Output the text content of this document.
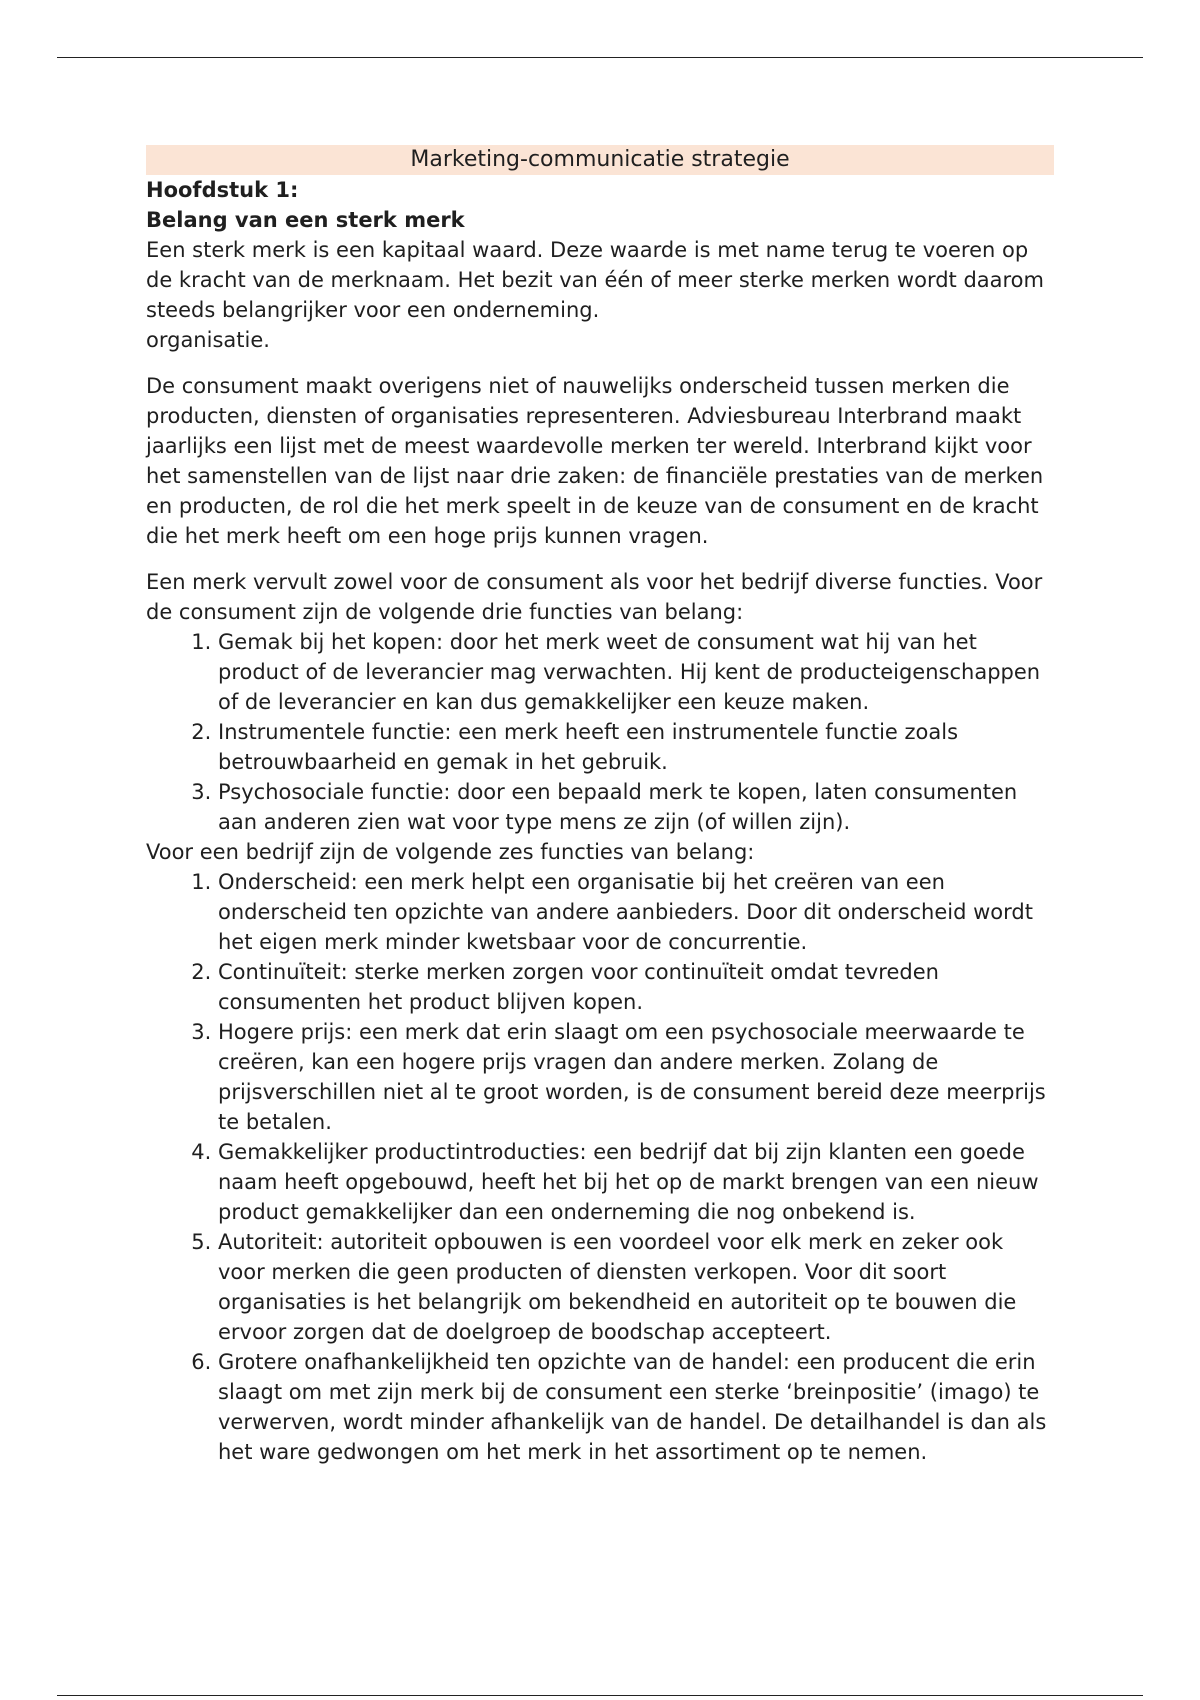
Marketing-communicatie strategie
Hoofdstuk 1:
Belang van een sterk merk

Een sterk merk is een kapitaal waard. Deze waarde is met name terug te voeren op de kracht van de merknaam. Het bezit van één of meer sterke merken wordt daarom steeds belangrijker voor een onderneming.

organisatie.

De consument maakt overigens niet of nauwelijks onderscheid tussen merken die producten, diensten of organisaties representeren. Adviesbureau Interbrand maakt jaarlijks een lijst met de meest waardevolle merken ter wereld. Interbrand kijkt voor het samenstellen van de lijst naar drie zaken: de financiële prestaties van de merken en producten, de rol die het merk speelt in de keuze van de consument en de kracht die het merk heeft om een hoge prijs kunnen vragen.

Een merk vervult zowel voor de consument als voor het bedrijf diverse functies. Voor de consument zijn de volgende drie functies van belang:

1. Gemak bij het kopen: door het merk weet de consument wat hij van het product of de leverancier mag verwachten. Hij kent de producteigenschappen of de leverancier en kan dus gemakkelijker een keuze maken.
2. Instrumentele functie: een merk heeft een instrumentele functie zoals betrouwbaarheid en gemak in het gebruik.
3. Psychosociale functie: door een bepaald merk te kopen, laten consumenten aan anderen zien wat voor type mens ze zijn (of willen zijn).

Voor een bedrijf zijn de volgende zes functies van belang:

1. Onderscheid: een merk helpt een organisatie bij het creëren van een onderscheid ten opzichte van andere aanbieders. Door dit onderscheid wordt het eigen merk minder kwetsbaar voor de concurrentie.
2. Continuïteit: sterke merken zorgen voor continuïteit omdat tevreden consumenten het product blijven kopen.
3. Hogere prijs: een merk dat erin slaagt om een psychosociale meerwaarde te creëren, kan een hogere prijs vragen dan andere merken. Zolang de prijsverschillen niet al te groot worden, is de consument bereid deze meerprijs te betalen.
4. Gemakkelijker productintroducties: een bedrijf dat bij zijn klanten een goede naam heeft opgebouwd, heeft het bij het op de markt brengen van een nieuw product gemakkelijker dan een onderneming die nog onbekend is.
5. Autoriteit: autoriteit opbouwen is een voordeel voor elk merk en zeker ook voor merken die geen producten of diensten verkopen. Voor dit soort organisaties is het belangrijk om bekendheid en autoriteit op te bouwen die ervoor zorgen dat de doelgroep de boodschap accepteert.
6. Grotere onafhankelijkheid ten opzichte van de handel: een producent die erin slaagt om met zijn merk bij de consument een sterke ‘breinpositie’ (imago) te verwerven, wordt minder afhankelijk van de handel. De detailhandel is dan als het ware gedwongen om het merk in het assortiment op te nemen.
